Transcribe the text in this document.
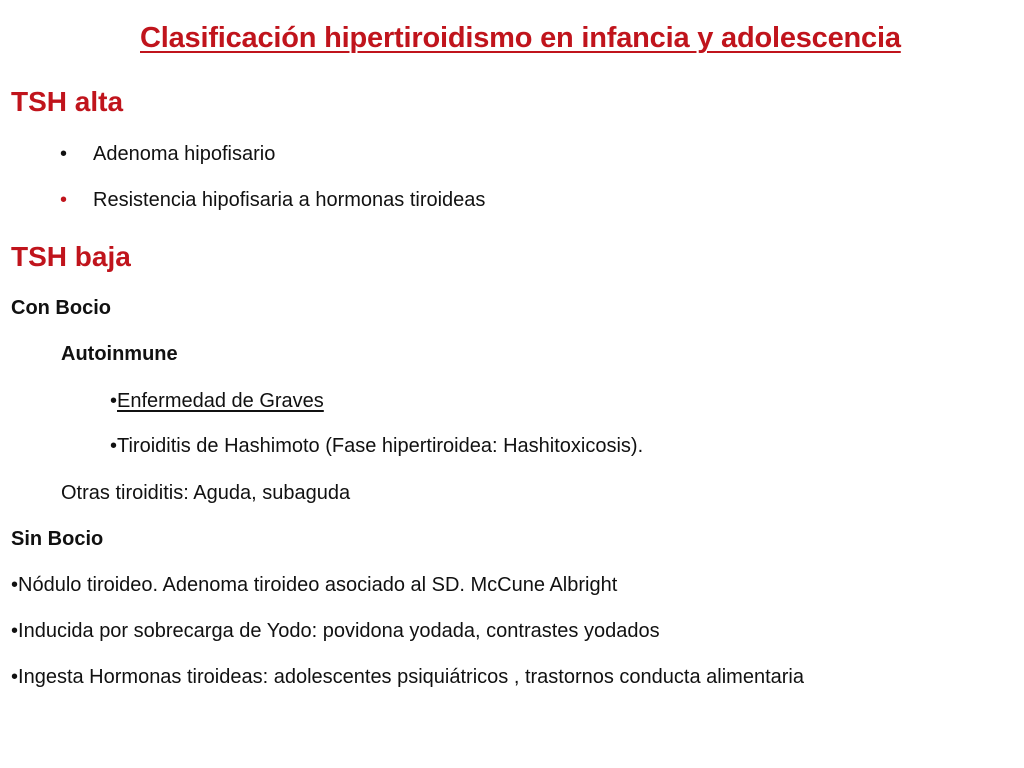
Clasificación hipertiroidismo en infancia y adolescencia
TSH alta
• Adenoma hipofisario
• Resistencia hipofisaria a hormonas tiroideas
TSH baja
Con Bocio
Autoinmune
•Enfermedad de Graves
•Tiroiditis de Hashimoto (Fase hipertiroidea: Hashitoxicosis).
Otras tiroiditis: Aguda, subaguda
Sin Bocio
•Nódulo tiroideo. Adenoma tiroideo asociado al SD. McCune Albright
•Inducida por sobrecarga de Yodo: povidona yodada, contrastes yodados
•Ingesta Hormonas tiroideas: adolescentes psiquiátricos , trastornos conducta alimentaria
